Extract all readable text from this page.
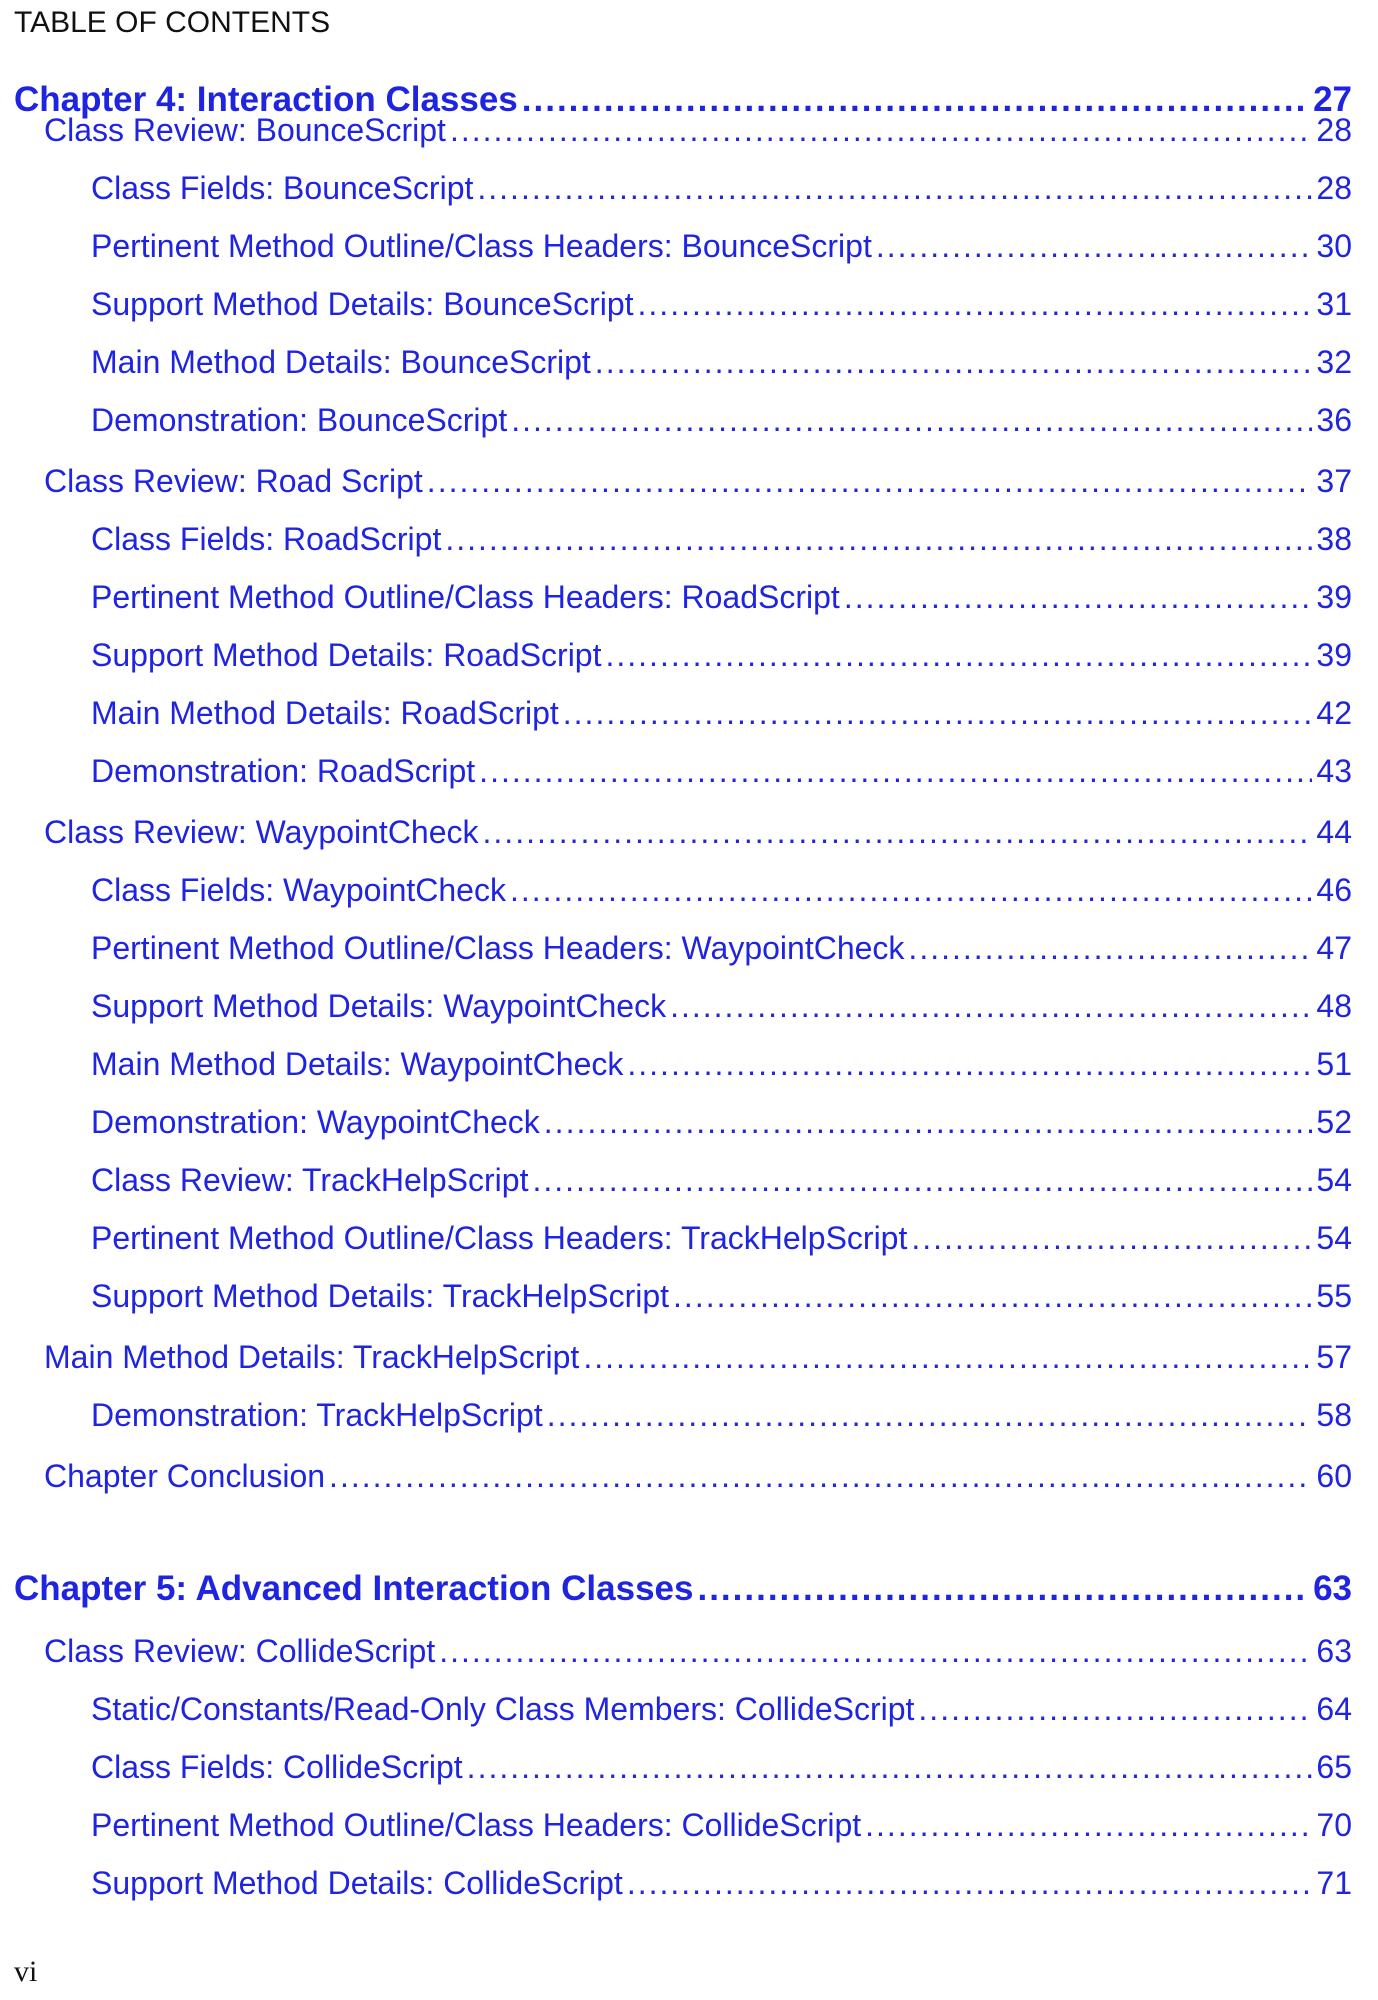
TABLE OF CONTENTS
Chapter 4: Interaction Classes .....	27
Class Review: BounceScript .....	28
Class Fields: BounceScript .....	28
Pertinent Method Outline/Class Headers: BounceScript .....	30
Support Method Details: BounceScript .....	31
Main Method Details: BounceScript .....	32
Demonstration: BounceScript .....	36
Class Review: Road Script .....	37
Class Fields: RoadScript .....	38
Pertinent Method Outline/Class Headers: RoadScript .....	39
Support Method Details: RoadScript .....	39
Main Method Details: RoadScript .....	42
Demonstration: RoadScript .....	43
Class Review: WaypointCheck .....	44
Class Fields: WaypointCheck .....	46
Pertinent Method Outline/Class Headers: WaypointCheck .....	47
Support Method Details: WaypointCheck .....	48
Main Method Details: WaypointCheck .....	51
Demonstration: WaypointCheck .....	52
Class Review: TrackHelpScript .....	54
Pertinent Method Outline/Class Headers: TrackHelpScript .....	54
Support Method Details: TrackHelpScript .....	55
Main Method Details: TrackHelpScript .....	57
Demonstration: TrackHelpScript .....	58
Chapter Conclusion .....	60
Chapter 5: Advanced Interaction Classes .....	63
Class Review: CollideScript .....	63
Static/Constants/Read-Only Class Members: CollideScript .....	64
Class Fields: CollideScript .....	65
Pertinent Method Outline/Class Headers: CollideScript .....	70
Support Method Details: CollideScript .....	71
vi
